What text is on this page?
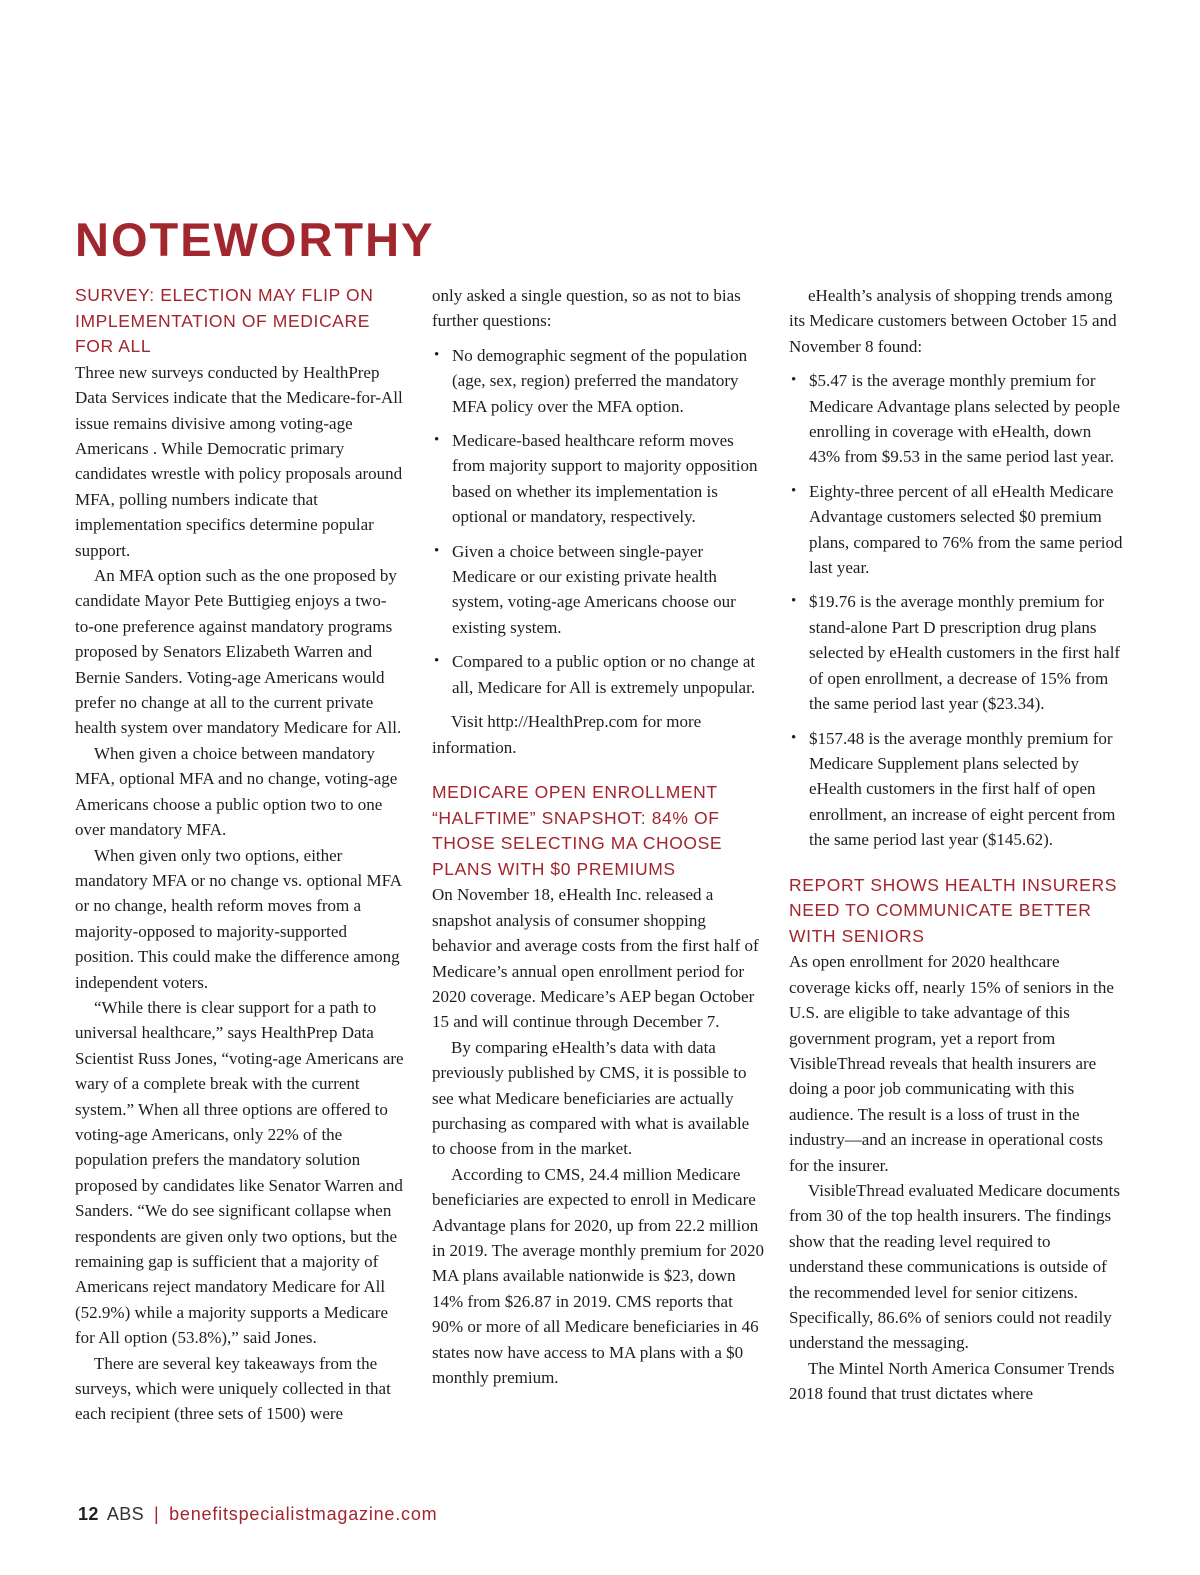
NOTEWORTHY
SURVEY: ELECTION MAY FLIP ON IMPLEMENTATION OF MEDICARE FOR ALL

Three new surveys conducted by HealthPrep Data Services indicate that the Medicare-for-All issue remains divisive among voting-age Americans . While Democratic primary candidates wrestle with policy proposals around MFA, polling numbers indicate that implementation specifics determine popular support.

An MFA option such as the one proposed by candidate Mayor Pete Buttigieg enjoys a two-to-one preference against mandatory programs proposed by Senators Elizabeth Warren and Bernie Sanders. Voting-age Americans would prefer no change at all to the current private health system over mandatory Medicare for All.

When given a choice between mandatory MFA, optional MFA and no change, voting-age Americans choose a public option two to one over mandatory MFA.

When given only two options, either mandatory MFA or no change vs. optional MFA or no change, health reform moves from a majority-opposed to majority-supported position. This could make the difference among independent voters.

“While there is clear support for a path to universal healthcare,” says HealthPrep Data Scientist Russ Jones, “voting-age Americans are wary of a complete break with the current system.” When all three options are offered to voting-age Americans, only 22% of the population prefers the mandatory solution proposed by candidates like Senator Warren and Sanders. “We do see significant collapse when respondents are given only two options, but the remaining gap is sufficient that a majority of Americans reject mandatory Medicare for All (52.9%) while a majority supports a Medicare for All option (53.8%),” said Jones.

There are several key takeaways from the surveys, which were uniquely collected in that each recipient (three sets of 1500) were

only asked a single question, so as not to bias further questions:

• No demographic segment of the population (age, sex, region) preferred the mandatory MFA policy over the MFA option.
• Medicare-based healthcare reform moves from majority support to majority opposition based on whether its implementation is optional or mandatory, respectively.
• Given a choice between single-payer Medicare or our existing private health system, voting-age Americans choose our existing system.
• Compared to a public option or no change at all, Medicare for All is extremely unpopular.

Visit http://HealthPrep.com for more information.

MEDICARE OPEN ENROLLMENT “HALFTIME” SNAPSHOT: 84% OF THOSE SELECTING MA CHOOSE PLANS WITH $0 PREMIUMS

On November 18, eHealth Inc. released a snapshot analysis of consumer shopping behavior and average costs from the first half of Medicare’s annual open enrollment period for 2020 coverage. Medicare’s AEP began October 15 and will continue through December 7.

By comparing eHealth’s data with data previously published by CMS, it is possible to see what Medicare beneficiaries are actually purchasing as compared with what is available to choose from in the market.

According to CMS, 24.4 million Medicare beneficiaries are expected to enroll in Medicare Advantage plans for 2020, up from 22.2 million in 2019. The average monthly premium for 2020 MA plans available nationwide is $23, down 14% from $26.87 in 2019. CMS reports that 90% or more of all Medicare beneficiaries in 46 states now have access to MA plans with a $0 monthly premium.

eHealth’s analysis of shopping trends among its Medicare customers between October 15 and November 8 found:

• $5.47 is the average monthly premium for Medicare Advantage plans selected by people enrolling in coverage with eHealth, down 43% from $9.53 in the same period last year.
• Eighty-three percent of all eHealth Medicare Advantage customers selected $0 premium plans, compared to 76% from the same period last year.
• $19.76 is the average monthly premium for stand-alone Part D prescription drug plans selected by eHealth customers in the first half of open enrollment, a decrease of 15% from the same period last year ($23.34).
• $157.48 is the average monthly premium for Medicare Supplement plans selected by eHealth customers in the first half of open enrollment, an increase of eight percent from the same period last year ($145.62).
REPORT SHOWS HEALTH INSURERS NEED TO COMMUNICATE BETTER WITH SENIORS

As open enrollment for 2020 healthcare coverage kicks off, nearly 15% of seniors in the U.S. are eligible to take advantage of this government program, yet a report from VisibleThread reveals that health insurers are doing a poor job communicating with this audience. The result is a loss of trust in the industry—and an increase in operational costs for the insurer.

VisibleThread evaluated Medicare documents from 30 of the top health insurers. The findings show that the reading level required to understand these communications is outside of the recommended level for senior citizens. Specifically, 86.6% of seniors could not readily understand the messaging.

The Mintel North America Consumer Trends 2018 found that trust dictates where

12 ABS | benefitspecialistmagazine.com
